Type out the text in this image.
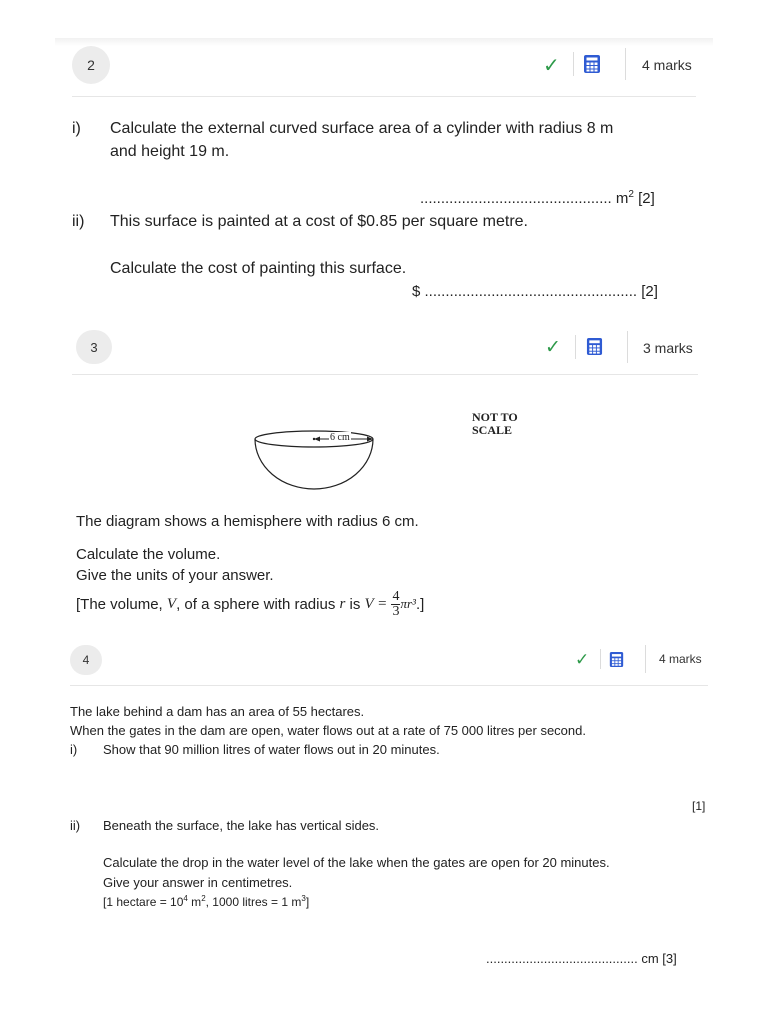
2	✓	4 marks
i) Calculate the external curved surface area of a cylinder with radius 8 m
and height 19 m.
.............................................. $m^2$ [2]
ii) This surface is painted at a cost of $0.85 per square metre.
Calculate the cost of painting this surface.
$ ................................................... [2]
3	✓	3 marks
6 cm
NOT TO
SCALE
The diagram shows a hemisphere with radius 6 cm.
Calculate the volume.
Give the units of your answer.
[The volume,
V , of a sphere with radius
r
is
V =
$\frac{4}{3} \pi r^3$ .]
4	✓	4 marks
The lake behind a dam has an area of 55 hectares.
When the gates in the dam are open, water flows out at a rate of 75 000 litres per second.
i) Show that 90 million litres of water flows out in 20 minutes.
[1]
ii) Beneath the surface, the lake has vertical sides.
Calculate the drop in the water level of the lake when the gates are open for 20 minutes.
Give your answer in centimetres.
[1 hectare = $10^4$ $m^2$, 1000 litres = 1 $m^3$]
.......................................... cm [3]
